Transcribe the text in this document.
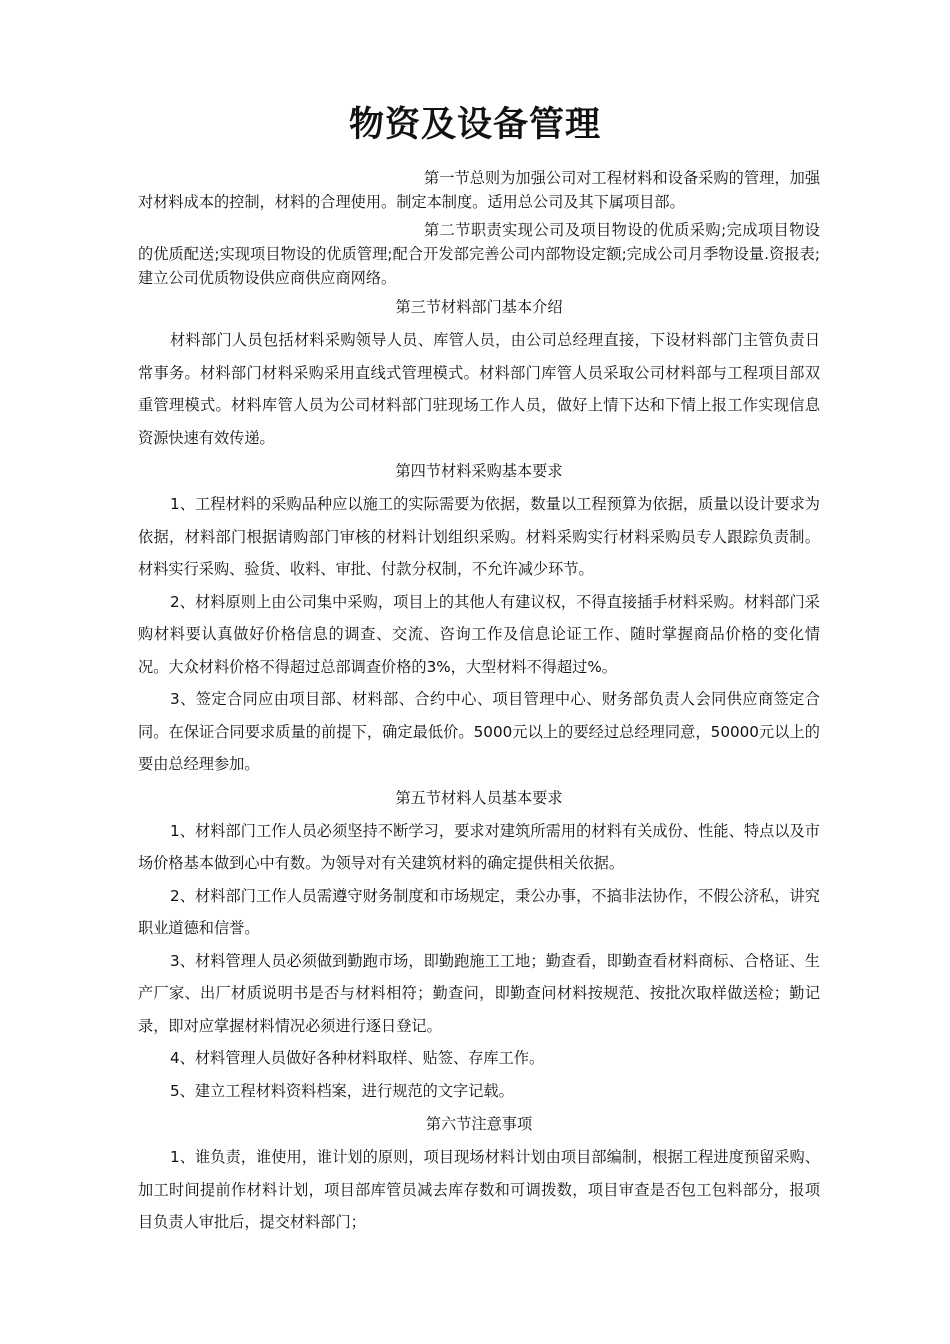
物资及设备管理

第一节总则为加强公司对工程材料和设备采购的管理，加强对材料成本的控制，材料的合理使用。制定本制度。适用总公司及其下属项目部。

第二节职责实现公司及项目物设的优质采购;完成项目物设的优质配送;实现项目物设的优质管理;配合开发部完善公司内部物设定额;完成公司月季物设量.资报表;建立公司优质物设供应商供应商网络。

第三节材料部门基本介绍

材料部门人员包括材料采购领导人员、库管人员，由公司总经理直接，下设材料部门主管负责日常事务。材料部门材料采购采用直线式管理模式。材料部门库管人员采取公司材料部与工程项目部双重管理模式。材料库管人员为公司材料部门驻现场工作人员，做好上情下达和下情上报工作实现信息资源快速有效传递。

第四节材料采购基本要求

1、工程材料的采购品种应以施工的实际需要为依据，数量以工程预算为依据，质量以设计要求为依据，材料部门根据请购部门审核的材料计划组织采购。材料采购实行材料采购员专人跟踪负责制。材料实行采购、验货、收料、审批、付款分权制，不允许减少环节。

2、材料原则上由公司集中采购，项目上的其他人有建议权，不得直接插手材料采购。材料部门采购材料要认真做好价格信息的调查、交流、咨询工作及信息论证工作、随时掌握商品价格的变化情况。大众材料价格不得超过总部调查价格的3%，大型材料不得超过%。

3、签定合同应由项目部、材料部、合约中心、项目管理中心、财务部负责人会同供应商签定合同。在保证合同要求质量的前提下，确定最低价。5000元以上的要经过总经理同意，50000元以上的要由总经理参加。

第五节材料人员基本要求

1、材料部门工作人员必须坚持不断学习，要求对建筑所需用的材料有关成份、性能、特点以及市场价格基本做到心中有数。为领导对有关建筑材料的确定提供相关依据。

2、材料部门工作人员需遵守财务制度和市场规定，秉公办事，不搞非法协作，不假公济私，讲究职业道德和信誉。

3、材料管理人员必须做到勤跑市场，即勤跑施工工地；勤查看，即勤查看材料商标、合格证、生产厂家、出厂材质说明书是否与材料相符；勤查问，即勤查问材料按规范、按批次取样做送检；勤记录，即对应掌握材料情况必须进行逐日登记。

4、材料管理人员做好各种材料取样、贴签、存库工作。

5、建立工程材料资料档案，进行规范的文字记载。

第六节注意事项

1、谁负责，谁使用，谁计划的原则，项目现场材料计划由项目部编制，根据工程进度预留采购、加工时间提前作材料计划，项目部库管员减去库存数和可调拨数，项目审查是否包工包料部分，报项目负责人审批后，提交材料部门；
